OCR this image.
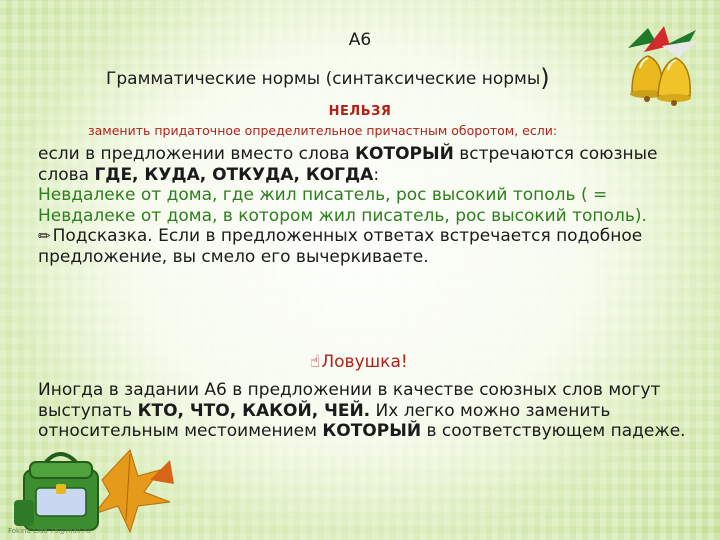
А6
Грамматические нормы (синтаксические нормы)
НЕЛЬЗЯ
заменить придаточное определительное причастным оборотом, если:

если в предложении вместо слова КОТОРЫЙ встречаются союзные слова ГДЕ, КУДА, ОТКУДА, КОГДА:

Невдалеке от дома, где жил писатель, рос высокий тополь ( = Невдалеке от дома, в котором жил писатель, рос высокий тополь).

✏ Подсказка. Если в предложенных ответах встречается подобное предложение, вы смело его вычеркиваете.

☝Ловушка!
Иногда в задании А6 в предложении в качестве союзных слов могут выступать КТО, ЧТО, КАКОЙ, ЧЕЙ. Их легко можно заменить относительным местоимением КОТОРЫЙ в соответствующем падеже.
Fokina Lida 75@mail.ru
